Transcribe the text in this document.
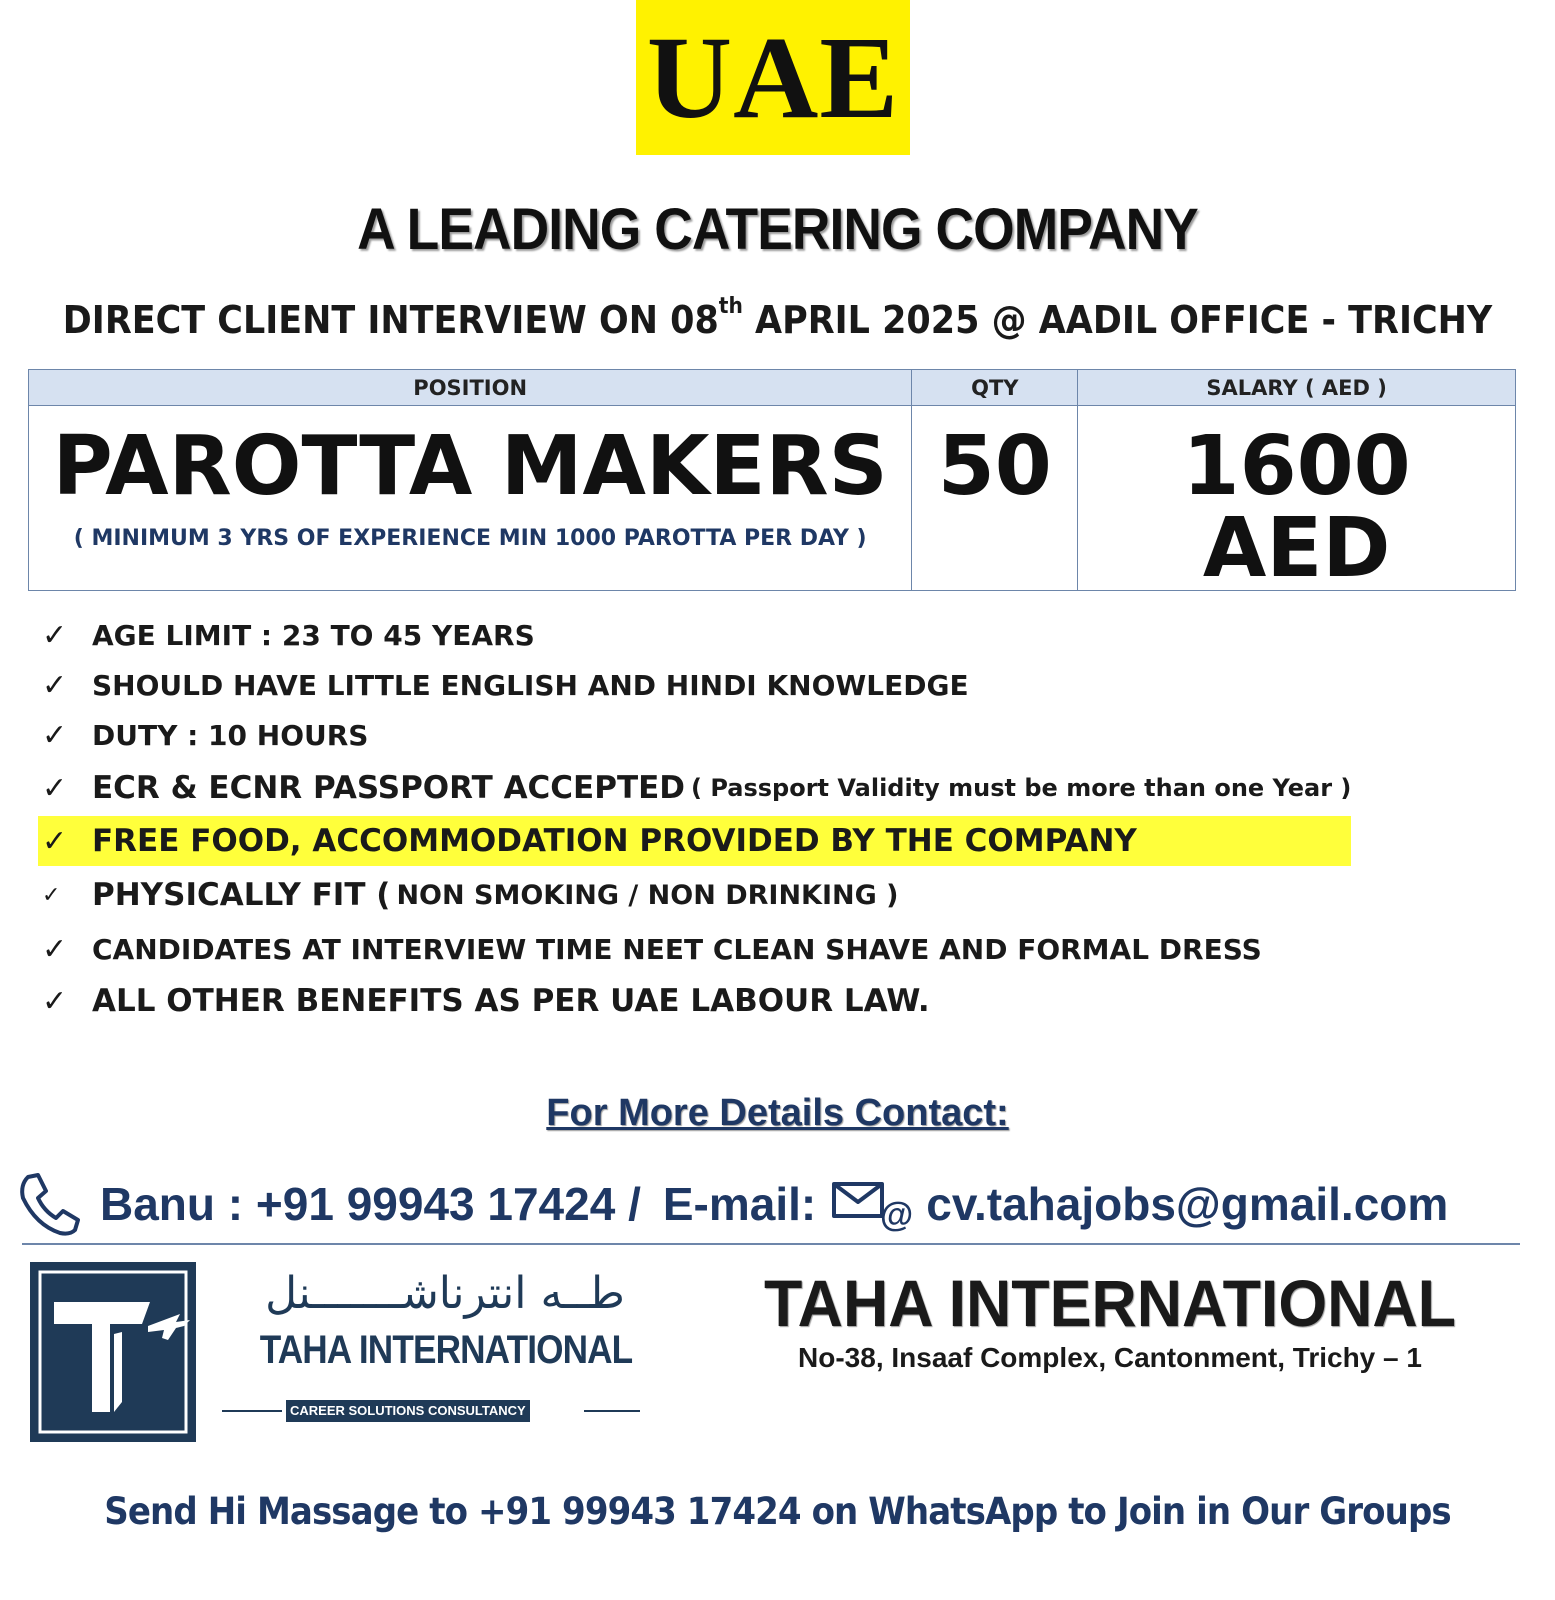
UAE
A LEADING CATERING COMPANY
DIRECT CLIENT INTERVIEW ON 08th APRIL 2025 @ AADIL OFFICE - TRICHY
POSITION	QTY	SALARY ( AED )

PAROTTA MAKERS
( MINIMUM 3 YRS OF EXPERIENCE MIN 1000 PAROTTA PER DAY )	50	1600 AED
✓ AGE LIMIT : 23 TO 45 YEARS
✓ SHOULD HAVE LITTLE ENGLISH AND HINDI KNOWLEDGE
✓ DUTY : 10 HOURS
✓ ECR & ECNR PASSPORT ACCEPTED ( Passport Validity must be more than one Year )
✓ FREE FOOD, ACCOMMODATION PROVIDED BY THE COMPANY
✓	PHYSICALLY FIT ( NON SMOKING / NON DRINKING )
✓ CANDIDATES AT INTERVIEW TIME NEET CLEAN SHAVE AND FORMAL DRESS
✓ ALL OTHER BENEFITS AS PER UAE LABOUR LAW.
For More Details Contact:
Banu : +91 99943 17424 / E-mail: @ cv.tahajobs@gmail.com
طــه انترناشـــــــنل
TAHA INTERNATIONAL
CAREER SOLUTIONS CONSULTANCY
TAHA INTERNATIONAL
No-38, Insaaf Complex, Cantonment, Trichy – 1
Send Hi Massage to +91 99943 17424 on WhatsApp to Join in Our Groups
